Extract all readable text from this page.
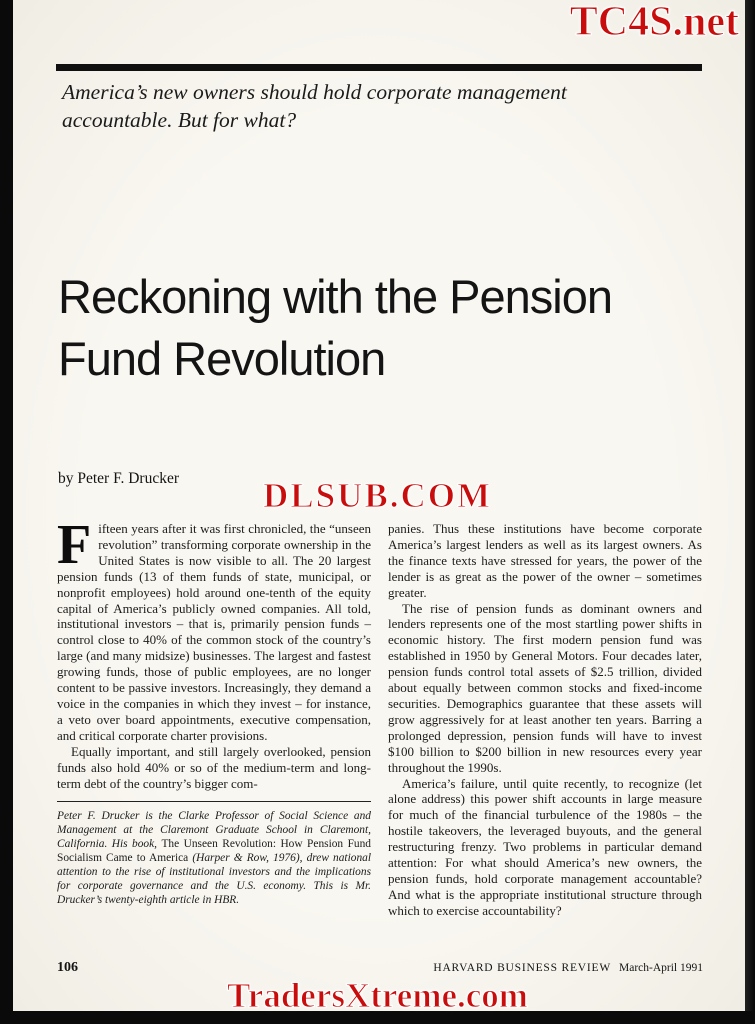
TC4S.net
America’s new owners should hold corporate management accountable. But for what?
Reckoning with the Pension
Fund Revolution
by Peter F. Drucker DLSUB.COM

Fifteen years after it was first chronicled, the “unseen revolution” transforming corporate ownership in the United States is now visible to all. The 20 largest pension funds (13 of them funds of state, municipal, or nonprofit employees) hold around one-tenth of the equity capital of America’s publicly owned companies. All told, institutional investors – that is, primarily pension funds – control close to 40% of the common stock of the country’s large (and many midsize) businesses. The largest and fastest growing funds, those of public employees, are no longer content to be passive investors. Increasingly, they demand a voice in the companies in which they invest – for instance, a veto over board appointments, executive compensation, and critical corporate charter provisions.

Equally important, and still largely overlooked, pension funds also hold 40% or so of the medium-term and long-term debt of the country’s bigger com-

Peter F. Drucker is the Clarke Professor of Social Science and Management at the Claremont Graduate School in Claremont, California. His book, The Unseen Revolution: How Pension Fund Socialism Came to America (Harper & Row, 1976), drew national attention to the rise of institutional investors and the implications for corporate governance and the U.S. economy. This is Mr. Drucker’s twenty-eighth article in HBR.

panies. Thus these institutions have become corporate America’s largest lenders as well as its largest owners. As the finance texts have stressed for years, the power of the lender is as great as the power of the owner – sometimes greater.

The rise of pension funds as dominant owners and lenders represents one of the most startling power shifts in economic history. The first modern pension fund was established in 1950 by General Motors. Four decades later, pension funds control total assets of $2.5 trillion, divided about equally between common stocks and fixed-income securities. Demographics guarantee that these assets will grow aggressively for at least another ten years. Barring a prolonged depression, pension funds will have to invest $100 billion to $200 billion in new resources every year throughout the 1990s.

America’s failure, until quite recently, to recognize (let alone address) this power shift accounts in large measure for much of the financial turbulence of the 1980s – the hostile takeovers, the leveraged buyouts, and the general restructuring frenzy. Two problems in particular demand attention: For what should America’s new owners, the pension funds, hold corporate management accountable? And what is the appropriate institutional structure through which to exercise accountability?

106	HARVARD BUSINESS REVIEW March-April 1991
TradersXtreme.com
